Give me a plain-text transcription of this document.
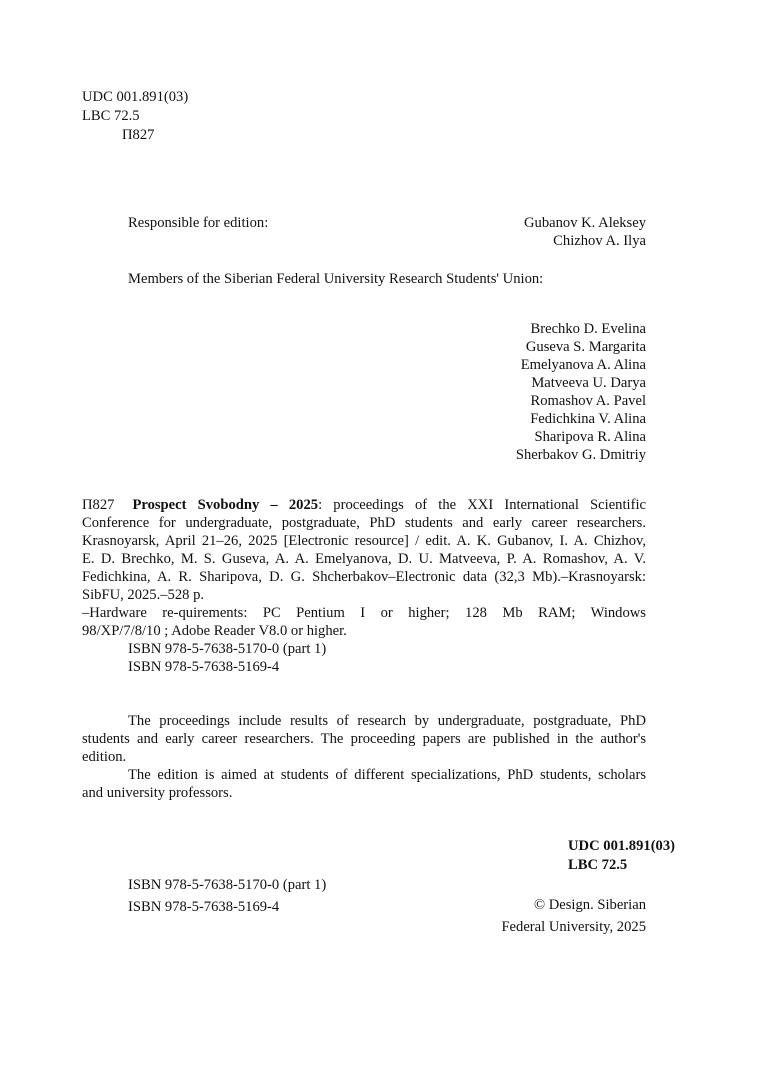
UDC 001.891(03)
LBC 72.5
П827
Responsible for edition:	Gubanov K. Aleksey
Chizhov A. Ilya
Members of the Siberian Federal University Research Students' Union:
Brechko D. Evelina
Guseva S. Margarita
Emelyanova A. Alina
Matveeva U. Darya
Romashov A. Pavel
Fedichkina V. Alina
Sharipova R. Alina
Sherbakov G. Dmitriy
П827 Prospect Svobodny – 2025: proceedings of the XXI International Scientific
Conference for undergraduate, postgraduate, PhD students and early career researchers.
Krasnoyarsk, April 21–26, 2025 [Electronic resource] / edit. A. K. Gubanov, I. A. Chizhov,
E. D. Brechko, M. S. Guseva, A. A. Emelyanova, D. U. Matveeva, P. A. Romashov, A. V.
Fedichkina, A. R. Sharipova, D. G. Shcherbakov–Electronic data (32,3 Mb).–Krasnoyarsk:
SibFU, 2025.–528 p.
–Hardware re-quirements: PC Pentium I or higher; 128 Mb RAM; Windows
98/XP/7/8/10 ; Adobe Reader V8.0 or higher.
ISBN 978-5-7638-5170-0 (part 1)
ISBN 978-5-7638-5169-4
The proceedings include results of research by undergraduate, postgraduate, PhD
students and early career researchers. The proceeding papers are published in the author's
edition.
The edition is aimed at students of different specializations, PhD students, scholars
and university professors.
UDC 001.891(03)
LBC 72.5
ISBN 978-5-7638-5170-0 (part 1)
ISBN 978-5-7638-5169-4	© Design. Siberian
Federal University, 2025
